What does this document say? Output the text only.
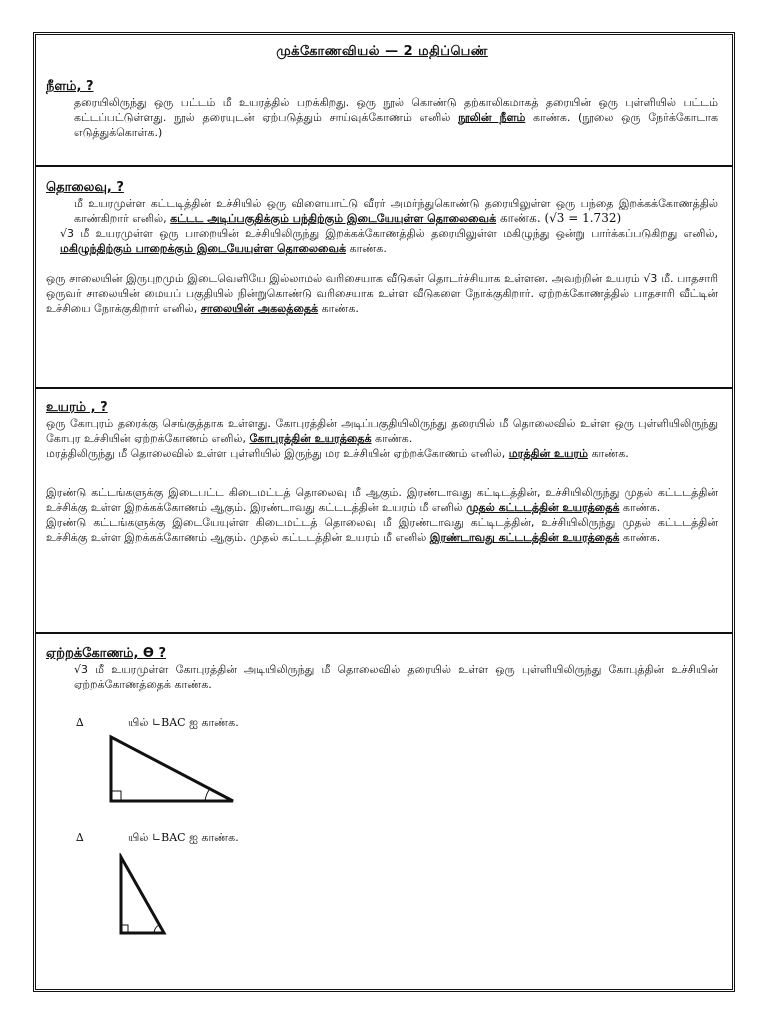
முக்கோணவியல் — 2 மதிப்பெண்
நீளம், ?

தரையிலிருந்து ஒரு பட்டம் மீ உயரத்தில் பறக்கிறது. ஒரு நூல் கொண்டு தற்காலிகமாகத் தரையின் ஒரு புள்ளியில் பட்டம் கட்டப்பட்டுள்ளது. நூல் தரையுடன் ஏற்படுத்தும் சாய்வுக்கோணம் எனில் நூலின் நீளம் காண்க. (நூலை ஒரு நேர்க்கோடாக எடுத்துக்கொள்க.)

தொலைவு, ?

மீ உயரமுள்ள கட்டடித்தின் உச்சியில் ஒரு விளையாட்டு வீரர் அமர்ந்துகொண்டு தரையிலுள்ள ஒரு பந்தை இறக்கக்கோணத்தில் காண்கிறார் எனில், கட்டட அடிப்பகுதிக்கும் பந்திற்கும் இடையேயுள்ள தொலைவைக் காண்க. (√3 = 1.732)

√3 மீ உயரமுள்ள ஒரு பாறையின் உச்சியிலிருந்து இறக்கக்கோணத்தில் தரையிலுள்ள மகிழுந்து ஒன்று பார்க்கப்படுகிறது எனில், மகிழுந்திற்கும் பாறைக்கும் இடையேயுள்ள தொலைவைக் காண்க.

ஒரு சாலையின் இருபுறமும் இடைவெளியே இல்லாமல் வரிசையாக வீடுகள் தொடர்ச்சியாக உள்ளன. அவற்றின் உயரம் √3 மீ. பாதசாரி ஒருவர் சாலையின் மையப் பகுதியில் நின்றுகொண்டு வரிசையாக உள்ள வீடுகளை நோக்குகிறார். ஏற்றக்கோணத்தில் பாதசாரி வீட்டின் உச்சியை நோக்குகிறார் எனில், சாலையின் அகலத்தைக் காண்க.

உயரம் , ?

ஒரு கோபுரம் தரைக்கு செங்குத்தாக உள்ளது. கோபுரத்தின் அடிப்பகுதியிலிருந்து தரையில் மீ தொலைவில் உள்ள ஒரு புள்ளியிலிருந்து கோபுர உச்சியின் ஏற்றக்கோணம் எனில், கோபுரத்தின் உயரத்தைக் காண்க.

மரத்திலிருந்து மீ தொலைவில் உள்ள புள்ளியில் இருந்து மர உச்சியின் ஏற்றக்கோணம் எனில், மரத்தின் உயரம் காண்க.

இரண்டு கட்டங்களுக்கு இடைபட்ட கிடைமட்டத் தொலைவு மீ ஆகும். இரண்டாவது கட்டிடத்தின், உச்சியிலிருந்து முதல் கட்டடத்தின் உச்சிக்கு உள்ள இறக்கக்கோணம் ஆகும். இரண்டாவது கட்டடத்தின் உயரம் மீ எனில் முதல் கட்டடத்தின் உயரத்தைக் காண்க.

இரண்டு கட்டங்களுக்கு இடையேயுள்ள கிடைமட்டத் தொலைவு மீ இரண்டாவது கட்டிடத்தின், உச்சியிலிருந்து முதல் கட்டடத்தின் உச்சிக்கு உள்ள இறக்கக்கோணம் ஆகும். முதல் கட்டடத்தின் உயரம் மீ எனில் இரண்டாவது கட்டடத்தின் உயரத்தைக் காண்க.

ஏற்றக்கோணம், ϴ ?

√3 மீ உயரமுள்ள கோபுரத்தின் அடியிலிருந்து மீ தொலைவில் தரையில் உள்ள ஒரு புள்ளியிலிருந்து கோபுத்தின் உச்சியின் ஏற்றக்கோணத்தைக் காண்க.

∆	யில் ∟BAC ஐ காண்க.
∆	யில் ∟BAC ஐ காண்க.
